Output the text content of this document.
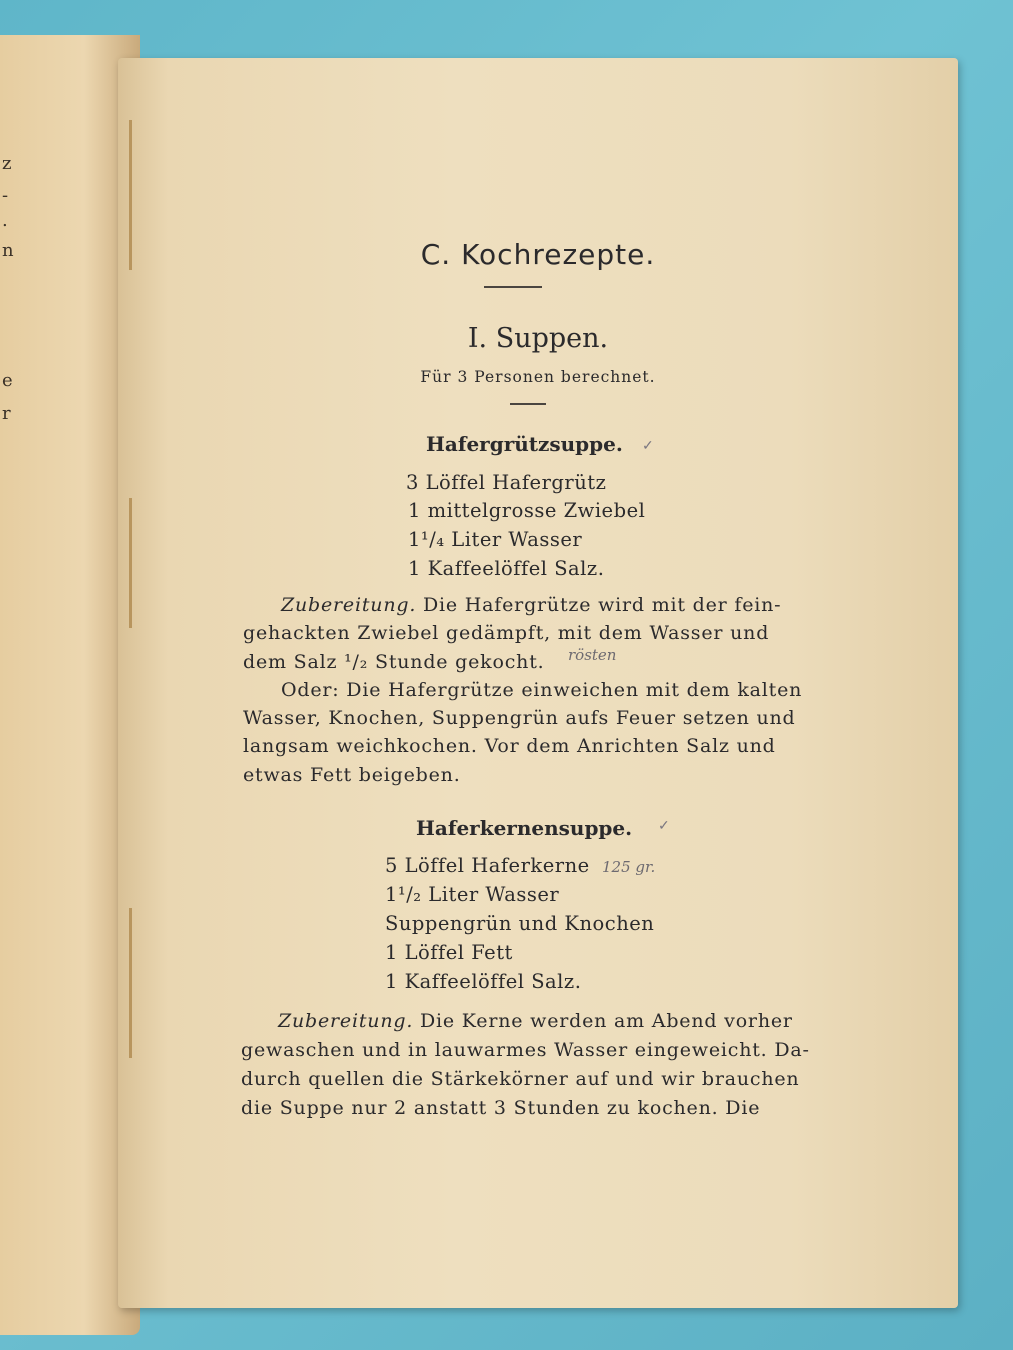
z
-
.
n
e
r
C. Kochrezepte.
I. Suppen.
Für 3 Personen berechnet.
Hafergrützsuppe. ✓
3 Löffel Hafergrütz
1 mittelgrosse Zwiebel
1¹/₄ Liter Wasser
1 Kaffeelöffel Salz.
Zubereitung. Die Hafergrütze wird mit der fein-
gehackten Zwiebel gedämpft, mit dem Wasser und
dem Salz ¹/₂ Stunde gekocht. rösten
Oder: Die Hafergrütze einweichen mit dem kalten
Wasser, Knochen, Suppengrün aufs Feuer setzen und
langsam weichkochen. Vor dem Anrichten Salz und
etwas Fett beigeben.
Haferkernensuppe. ✓
5 Löffel Haferkerne 125 gr.
1¹/₂ Liter Wasser
Suppengrün und Knochen
1 Löffel Fett
1 Kaffeelöffel Salz.
Zubereitung. Die Kerne werden am Abend vorher
gewaschen und in lauwarmes Wasser eingeweicht. Da-
durch quellen die Stärkekörner auf und wir brauchen
die Suppe nur 2 anstatt 3 Stunden zu kochen. Die
